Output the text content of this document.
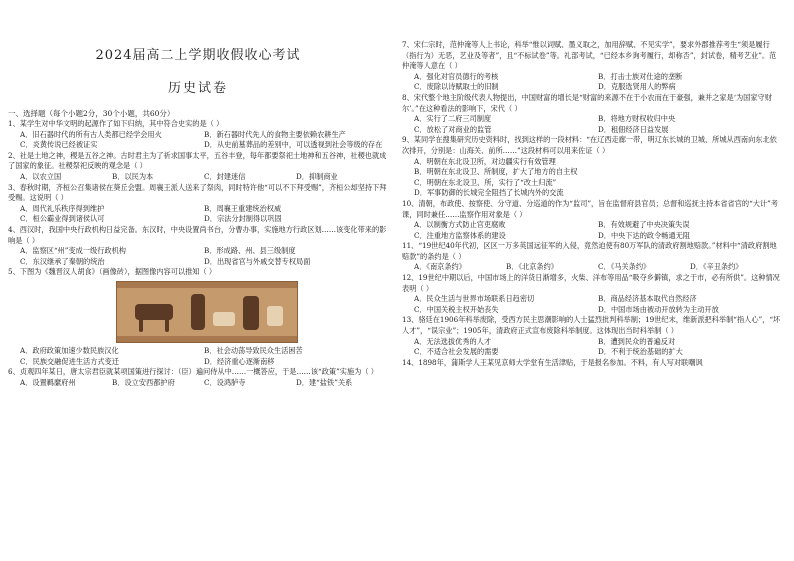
2024届高二上学期收假收心考试
历史试卷
一、选择题（每个小题2分，30个小题，共60分）

1、某学生对中华文明的起源作了如下归纳，其中符合史实的是（ ）

A．旧石器时代的所有古人类都已经学会用火	B．新石器时代先人的食物主要依赖农耕生产
C．炎黄传说已经被证实	D．从史前墓葬品的差别中，可以透视到社会等级的存在

2、社是土地之神，稷是五谷之神。古时君主为了祈求国事太平，五谷丰登，每年都要祭祀土地神和五谷神，社稷也就成了国家的象征。社稷祭祀反映的观念是（ ）

A．以农立国	B．以民为本	C．封建迷信	D．抑制商业

3、春秋时期，齐桓公召集诸侯在葵丘会盟。周襄王派人送来了祭肉，同时特许他“可以不下拜受赐”，齐桓公却坚持下拜受赐。这说明（ ）

A．周代礼乐秩序得到维护	B．周襄王重建统治权威
C．桓公霸业得到诸侯认可	D．宗法分封制得以巩固

4、西汉时，我国中央行政机构日益完备。东汉时，中央设置尚书台，分曹办事，实施地方行政区划……该变化带来的影响是（ ）

A．监察区“州”变成一级行政机构	B．形成路、州、县三级制度
C．东汉继承了秦朝的统治	D．出现省官与外戚交替专权局面

5、下图为《魏晋汉人胡食》（画像砖），据图像内容可以推知（ ）

A．政府政策加速少数民族汉化	B．社会动荡导致民众生活困苦
C．民族交融促进生活方式变迁	D．经济重心逐渐南移

6、贞观四年某日，唐太宗君臣就某项国策进行探讨：（臣）遍问侍从中……一概答应，于是……该“政策”实施为（ ）

A．设置羁縻府州	B．设立安西都护府	C．设鸿胪寺	D．建“盐铁”关系

7、宋仁宗时，范仲淹等人上书论，科举“惟以词赋、墨义取之，加用辞赋、不见实学”，要求外郡推荐考生“须是履行（指行为）无恶，艺业及等者”，且“不标试卷”等。礼部考试，“已经本乡询考履行，却称否”，封试卷，精考艺业”。范仲淹等人意在（ ）

A．强化对官员德行的考核	B．打击士族对仕途的垄断
C．废除以诗赋取士的旧制	D．克服选贤用人的弊病

8、宋代整个地主阶级代表人物提出，中国财富的增长是“财富的来源不在于小农而在于豪强，兼并之家是‘为国家守财尔’。”在这种看法的影响下，宋代（ ）

A．实行了二府三司制度	B．将地方财权收归中央
C．放松了对商业的监管	D．租佃经济日益发展

9、某同学在搜集研究历史资料时，找到这样的一段材料：“在辽西走廊一带，明辽东长城的卫城、所城从西南向东北依次排开，分别是：山海关、前所……”这段材料可以用来佐证（ ）

A．明朝在东北设卫所，对边疆实行有效管理
B．明朝在东北设卫、所制度，扩大了地方的自主权
C．明朝在东北设卫、所，实行了“改土归流”
D．军事防御的长城完全阻挡了长城内外的交流

10、清朝，布政使、按察使、分守道、分巡道的作为“监司”，旨在监督府县官员；总督和巡抚主持本省省官的“大计”考课，同时兼任……监察作用对象是（ ）

A．以制衡方式防止官吏腐败	B．有效规避了中央决策失误
C．注重地方监察体系的建设	D．中央下达的政令畅通无阻

11、“19世纪40年代初，区区一万多英国远征军的入侵，竟然迫使有80万军队的清政府割地赔款。”材料中“清政府割地赔款”的条约是（ ）

A．《南京条约》	B．《北京条约》	C．《马关条约》	D．《辛丑条约》

12、19世纪中期以后，中国市场上的洋货日渐增多，火柴、洋布等用品“吸夺乡僻镇，求之于市，必有所供”。这种情况表明（ ）

A．民众生活与世界市场联系日趋密切	B．商品经济基本取代自然经济
C．中国关税主权开始丧失	D．中国市场由被动开放转为主动开放

13、骆廷在1906年科举废除，受西方民主思潮影响的人士猛烈批判科举制；19世纪末，维新派把科举制“指人心”，“坏人才”，“误宗业”；1905年，清政府正式宣布废除科举制度。这体现出当时科举制（ ）

A．无法选拔优秀的人才	B．遭到民众的普遍反对
C．不适合社会发展的需要	D．不利于统治基础的扩大

14、1898年，蒲斯学人王某见京师大学堂有生活津贴，于是报名参加。不料，有人写对联嘲讽
